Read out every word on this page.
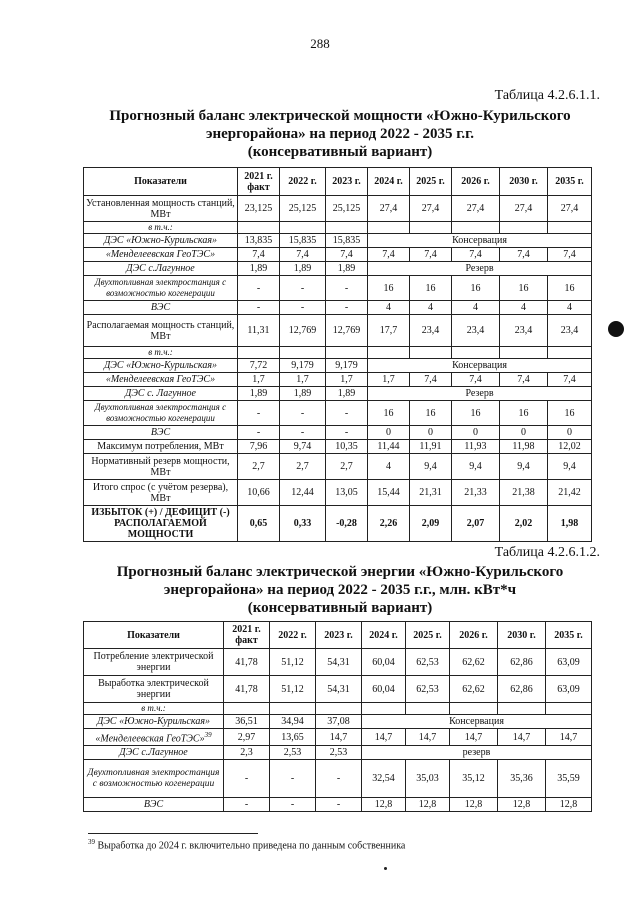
288
Таблица 4.2.6.1.1.
Прогнозный баланс электрической мощности «Южно-Курильского
энергорайона» на период 2022 - 2035 г.г.
(консервативный вариант)
Показатели	2021 г. факт	2022 г.	2023 г.	2024 г.	2025 г.	2026 г.	2030 г.	2035 г.
Установленная мощность станций, МВт	23,125	25,125	25,125	27,4	27,4	27,4	27,4	27,4
в т.ч.:								
ДЭС «Южно-Курильская»	13,835	15,835	15,835	Консервация				
«Менделеевская ГеоТЭС»	7,4	7,4	7,4	7,4	7,4	7,4	7,4	7,4
ДЭС с.Лагунное	1,89	1,89	1,89	Резерв				
Двухтопливная электростанция с возможностью когенерации	-	-	-	16	16	16	16	16
ВЭС	-	-	-	4	4	4	4	4
Располагаемая мощность станций, МВт	11,31	12,769	12,769	17,7	23,4	23,4	23,4	23,4
в т.ч.:								
ДЭС «Южно-Курильская»	7,72	9,179	9,179	Консервация				
«Менделеевская ГеоТЭС»	1,7	1,7	1,7	1,7	7,4	7,4	7,4	7,4
ДЭС с. Лагунное	1,89	1,89	1,89	Резерв				
Двухтопливная электростанция с возможностью когенерации	-	-	-	16	16	16	16	16
ВЭС	-	-	-	0	0	0	0	0
Максимум потребления, МВт	7,96	9,74	10,35	11,44	11,91	11,93	11,98	12,02
Нормативный резерв мощности, МВт	2,7	2,7	2,7	4	9,4	9,4	9,4	9,4
Итого спрос (с учётом резерва), МВт	10,66	12,44	13,05	15,44	21,31	21,33	21,38	21,42
ИЗБЫТОК (+) / ДЕФИЦИТ (-) РАСПОЛАГАЕМОЙ МОЩНОСТИ	0,65	0,33	-0,28	2,26	2,09	2,07	2,02	1,98
Таблица 4.2.6.1.2.
Прогнозный баланс электрической энергии «Южно-Курильского
энергорайона» на период 2022 - 2035 г.г., млн. кВт*ч
(консервативный вариант)
Показатели	2021 г. факт	2022 г.	2023 г.	2024 г.	2025 г.	2026 г.	2030 г.	2035 г.
Потребление электрической энергии	41,78	51,12	54,31	60,04	62,53	62,62	62,86	63,09
Выработка электрической энергии	41,78	51,12	54,31	60,04	62,53	62,62	62,86	63,09
в т.ч.:								
ДЭС «Южно-Курильская»	36,51	34,94	37,08	Консервация				
«Менделеевская ГеоТЭС»$^{39}$	2,97	13,65	14,7	14,7	14,7	14,7	14,7	14,7
ДЭС с.Лагунное	2,3	2,53	2,53	резерв				
Двухтопливная электростанция с возможностью когенерации	-	-	-	32,54	35,03	35,12	35,36	35,59
ВЭС	-	-	-	12,8	12,8	12,8	12,8	12,8
$^{39}$ Выработка до 2024 г. включительно приведена по данным собственника
